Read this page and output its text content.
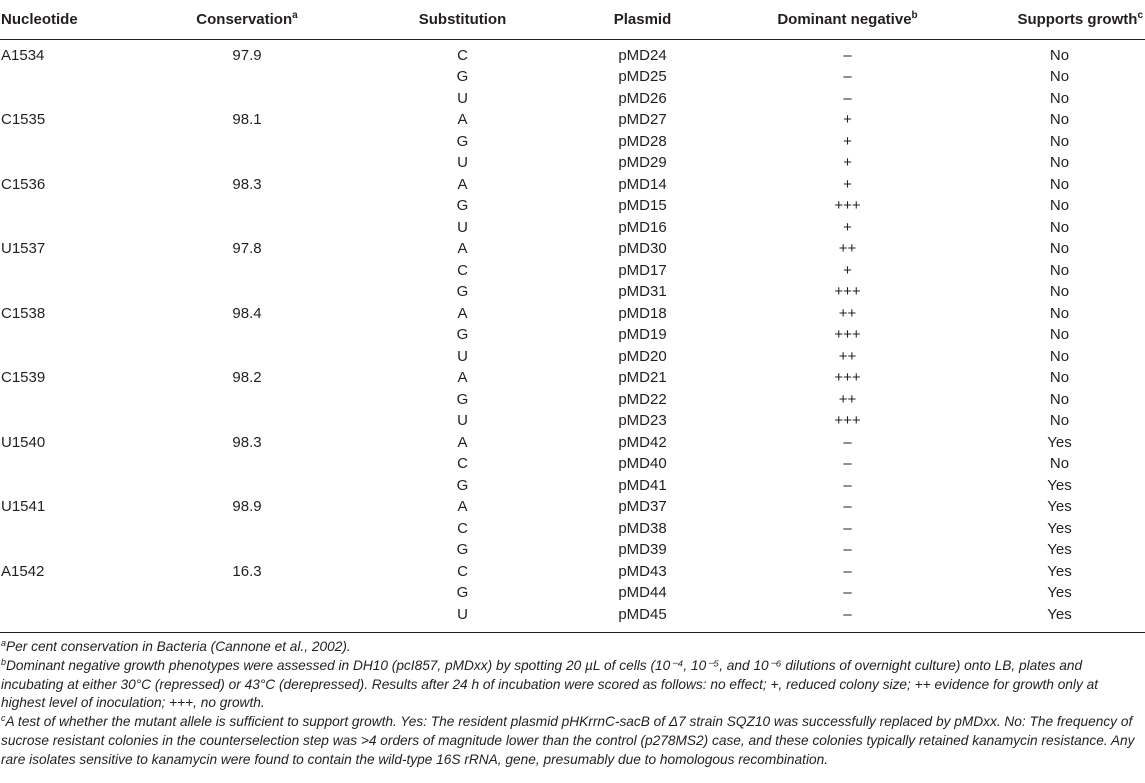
Nucleotide	Conservation$^a$	Substitution	Plasmid	Dominant negative$^b$	Supports growth$^c$
A1534	97.9	C	pMD24	–	No
		G	pMD25	–	No
		U	pMD26	–	No
C1535	98.1	A	pMD27	+	No
		G	pMD28	+	No
		U	pMD29	+	No
C1536	98.3	A	pMD14	+	No
		G	pMD15	+++	No
		U	pMD16	+	No
U1537	97.8	A	pMD30	++	No
		C	pMD17	+	No
		G	pMD31	+++	No
C1538	98.4	A	pMD18	++	No
		G	pMD19	+++	No
		U	pMD20	++	No
C1539	98.2	A	pMD21	+++	No
		G	pMD22	++	No
		U	pMD23	+++	No
U1540	98.3	A	pMD42	–	Yes
		C	pMD40	–	No
		G	pMD41	–	Yes
U1541	98.9	A	pMD37	–	Yes
		C	pMD38	–	Yes
		G	pMD39	–	Yes
A1542	16.3	C	pMD43	–	Yes
		G	pMD44	–	Yes
		U	pMD45	–	Yes

$^a$Per cent conservation in Bacteria (Cannone et al., 2002).

$^b$Dominant negative growth phenotypes were assessed in DH10 (pcI857, pMDxx) by spotting 20 µL of cells (10⁻⁴, 10⁻⁵, and 10⁻⁶ dilutions of overnight culture) onto LB, plates and incubating at either 30°C (repressed) or 43°C (derepressed). Results after 24 h of incubation were scored as follows: no effect; +, reduced colony size; ++ evidence for growth only at highest level of inoculation; +++, no growth.

$^c$A test of whether the mutant allele is sufficient to support growth. Yes: The resident plasmid pHKrrnC-sacB of Δ7 strain SQZ10 was successfully replaced by pMDxx. No: The frequency of sucrose resistant colonies in the counterselection step was >4 orders of magnitude lower than the control (p278MS2) case, and these colonies typically retained kanamycin resistance. Any rare isolates sensitive to kanamycin were found to contain the wild-type 16S rRNA, gene, presumably due to homologous recombination.
